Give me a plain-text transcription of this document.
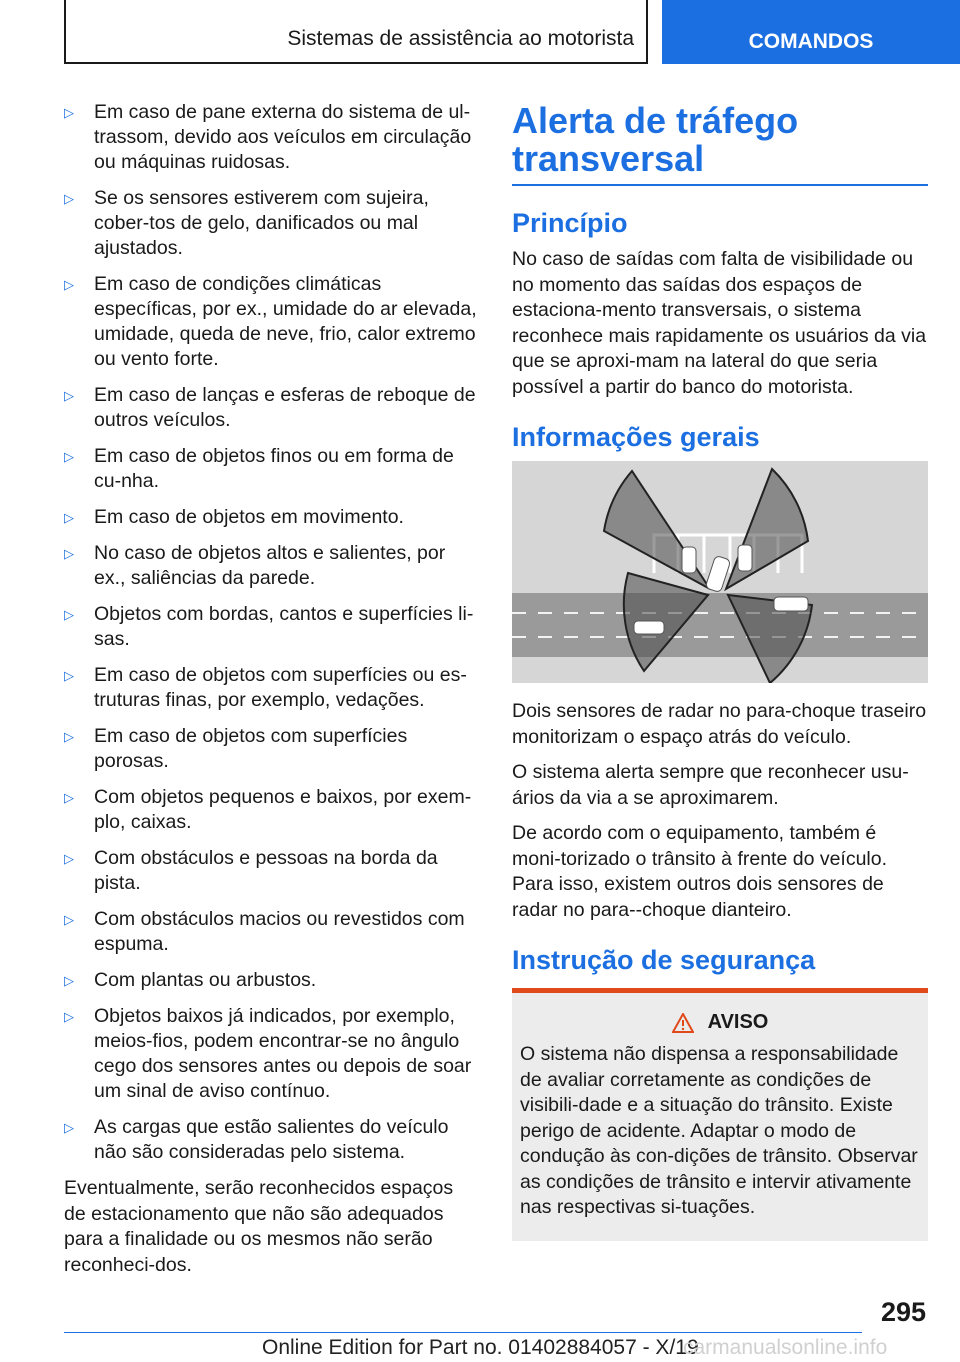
Sistemas de assistência ao motorista	COMANDOS
▷ Em caso de pane externa do sistema de ul-trassom, devido aos veículos em circulação ou máquinas ruidosas.
▷ Se os sensores estiverem com sujeira, cober-tos de gelo, danificados ou mal ajustados.
▷ Em caso de condições climáticas específicas, por ex., umidade do ar elevada, umidade, queda de neve, frio, calor extremo ou vento forte.
▷ Em caso de lanças e esferas de reboque de outros veículos.
▷ Em caso de objetos finos ou em forma de cu-nha.
▷ Em caso de objetos em movimento.
▷ No caso de objetos altos e salientes, por ex., saliências da parede.
▷ Objetos com bordas, cantos e superfícies li-sas.
▷ Em caso de objetos com superfícies ou es-truturas finas, por exemplo, vedações.
▷ Em caso de objetos com superfícies porosas.
▷ Com objetos pequenos e baixos, por exem-plo, caixas.
▷ Com obstáculos e pessoas na borda da pista.
▷ Com obstáculos macios ou revestidos com espuma.
▷ Com plantas ou arbustos.
▷ Objetos baixos já indicados, por exemplo, meios-fios, podem encontrar-se no ângulo cego dos sensores antes ou depois de soar um sinal de aviso contínuo.
▷ As cargas que estão salientes do veículo não são consideradas pelo sistema.

Eventualmente, serão reconhecidos espaços de estacionamento que não são adequados para a finalidade ou os mesmos não serão reconheci-dos.

Alerta de tráfego transversal
Princípio

No caso de saídas com falta de visibilidade ou no momento das saídas dos espaços de estaciona-mento transversais, o sistema reconhece mais rapidamente os usuários da via que se aproxi-mam na lateral do que seria possível a partir do banco do motorista.

Informações gerais

Dois sensores de radar no para-choque traseiro monitorizam o espaço atrás do veículo.

O sistema alerta sempre que reconhecer usu-ários da via a se aproximarem.

De acordo com o equipamento, também é moni-torizado o trânsito à frente do veículo. Para isso, existem outros dois sensores de radar no para--choque dianteiro.

Instrução de segurança
AVISO
O sistema não dispensa a responsabilidade de avaliar corretamente as condições de visibili-dade e a situação do trânsito. Existe perigo de acidente. Adaptar o modo de condução às con-dições de trânsito. Observar as condições de trânsito e intervir ativamente nas respectivas si-tuações.
295
Online Edition for Part no. 01402884057 - X/19
carmanualsonline.info
